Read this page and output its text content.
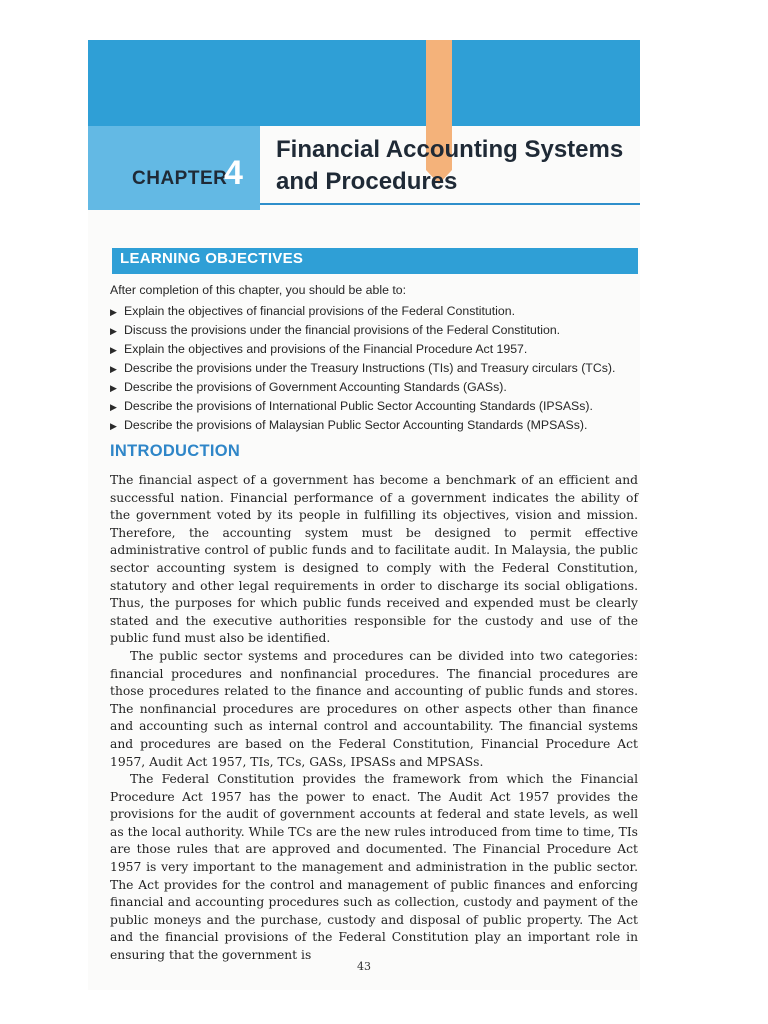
CHAPTER
4
Financial Accounting Systems
and Procedures
LEARNING OBJECTIVES
After completion of this chapter, you should be able to:
▶ Explain the objectives of financial provisions of the Federal Constitution.
▶ Discuss the provisions under the financial provisions of the Federal Constitution.
▶ Explain the objectives and provisions of the Financial Procedure Act 1957.
▶ Describe the provisions under the Treasury Instructions (TIs) and Treasury circulars (TCs).
▶ Describe the provisions of Government Accounting Standards (GASs).
▶ Describe the provisions of International Public Sector Accounting Standards (IPSASs).
▶ Describe the provisions of Malaysian Public Sector Accounting Standards (MPSASs).
INTRODUCTION

The financial aspect of a government has become a benchmark of an efficient and successful nation. Financial performance of a government indicates the ability of the government voted by its people in fulfilling its objectives, vision and mission. Therefore, the accounting system must be designed to permit effective administrative control of public funds and to facilitate audit. In Malaysia, the public sector accounting system is designed to comply with the Federal Constitution, statutory and other legal requirements in order to discharge its social obligations. Thus, the purposes for which public funds received and expended must be clearly stated and the executive authorities responsible for the custody and use of the public fund must also be identified.

The public sector systems and procedures can be divided into two categories: financial procedures and nonfinancial procedures. The financial procedures are those procedures related to the finance and accounting of public funds and stores. The nonfinancial procedures are procedures on other aspects other than finance and accounting such as internal control and accountability. The financial systems and procedures are based on the Federal Constitution, Financial Procedure Act 1957, Audit Act 1957, TIs, TCs, GASs, IPSASs and MPSASs.

The Federal Constitution provides the framework from which the Financial Procedure Act 1957 has the power to enact. The Audit Act 1957 provides the provisions for the audit of government accounts at federal and state levels, as well as the local authority. While TCs are the new rules introduced from time to time, TIs are those rules that are approved and documented. The Financial Procedure Act 1957 is very important to the management and administration in the public sector. The Act provides for the control and management of public finances and enforcing financial and accounting procedures such as collection, custody and payment of the public moneys and the purchase, custody and disposal of public property. The Act and the financial provisions of the Federal Constitution play an important role in ensuring that the government is

43
